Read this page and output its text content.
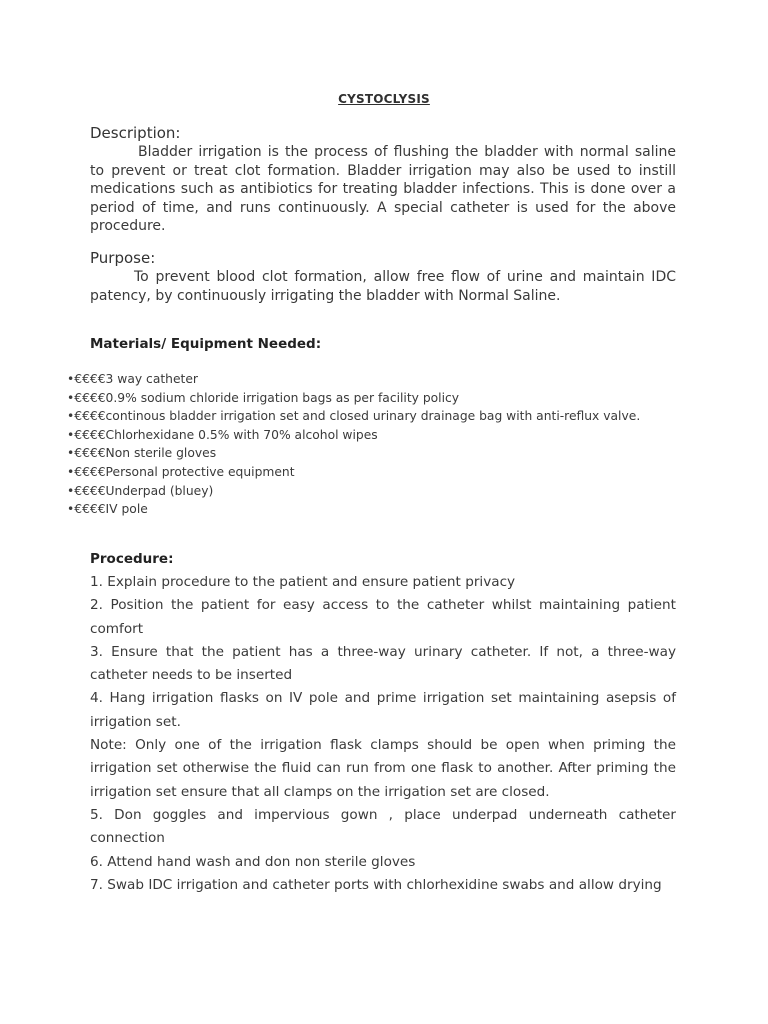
CYSTOCLYSIS
Description:
Bladder irrigation is the process of flushing the bladder with normal saline to prevent or treat clot formation. Bladder irrigation may also be used to instill medications such as antibiotics for treating bladder infections. This is done over a period of time, and runs continuously. A special catheter is used for the above procedure.
Purpose:
To prevent blood clot formation, allow free flow of urine and maintain IDC patency, by continuously irrigating the bladder with Normal Saline.
Materials/ Equipment Needed:
•€€€€3 way catheter
•€€€€0.9% sodium chloride irrigation bags as per facility policy
•€€€€continous bladder irrigation set and closed urinary drainage bag with anti-reflux valve.
•€€€€Chlorhexidane 0.5% with 70% alcohol wipes
•€€€€Non sterile gloves
•€€€€Personal protective equipment
•€€€€Underpad (bluey)
•€€€€IV pole
Procedure:
1. Explain procedure to the patient and ensure patient privacy
2. Position the patient for easy access to the catheter whilst maintaining patient comfort
3. Ensure that the patient has a three-way urinary catheter. If not, a three-way catheter needs to be inserted
4. Hang irrigation flasks on IV pole and prime irrigation set maintaining asepsis of irrigation set.
Note: Only one of the irrigation flask clamps should be open when priming the irrigation set otherwise the fluid can run from one flask to another. After priming the irrigation set ensure that all clamps on the irrigation set are closed.
5. Don goggles and impervious gown , place underpad underneath catheter connection
6. Attend hand wash and don non sterile gloves
7. Swab IDC irrigation and catheter ports with chlorhexidine swabs and allow drying
